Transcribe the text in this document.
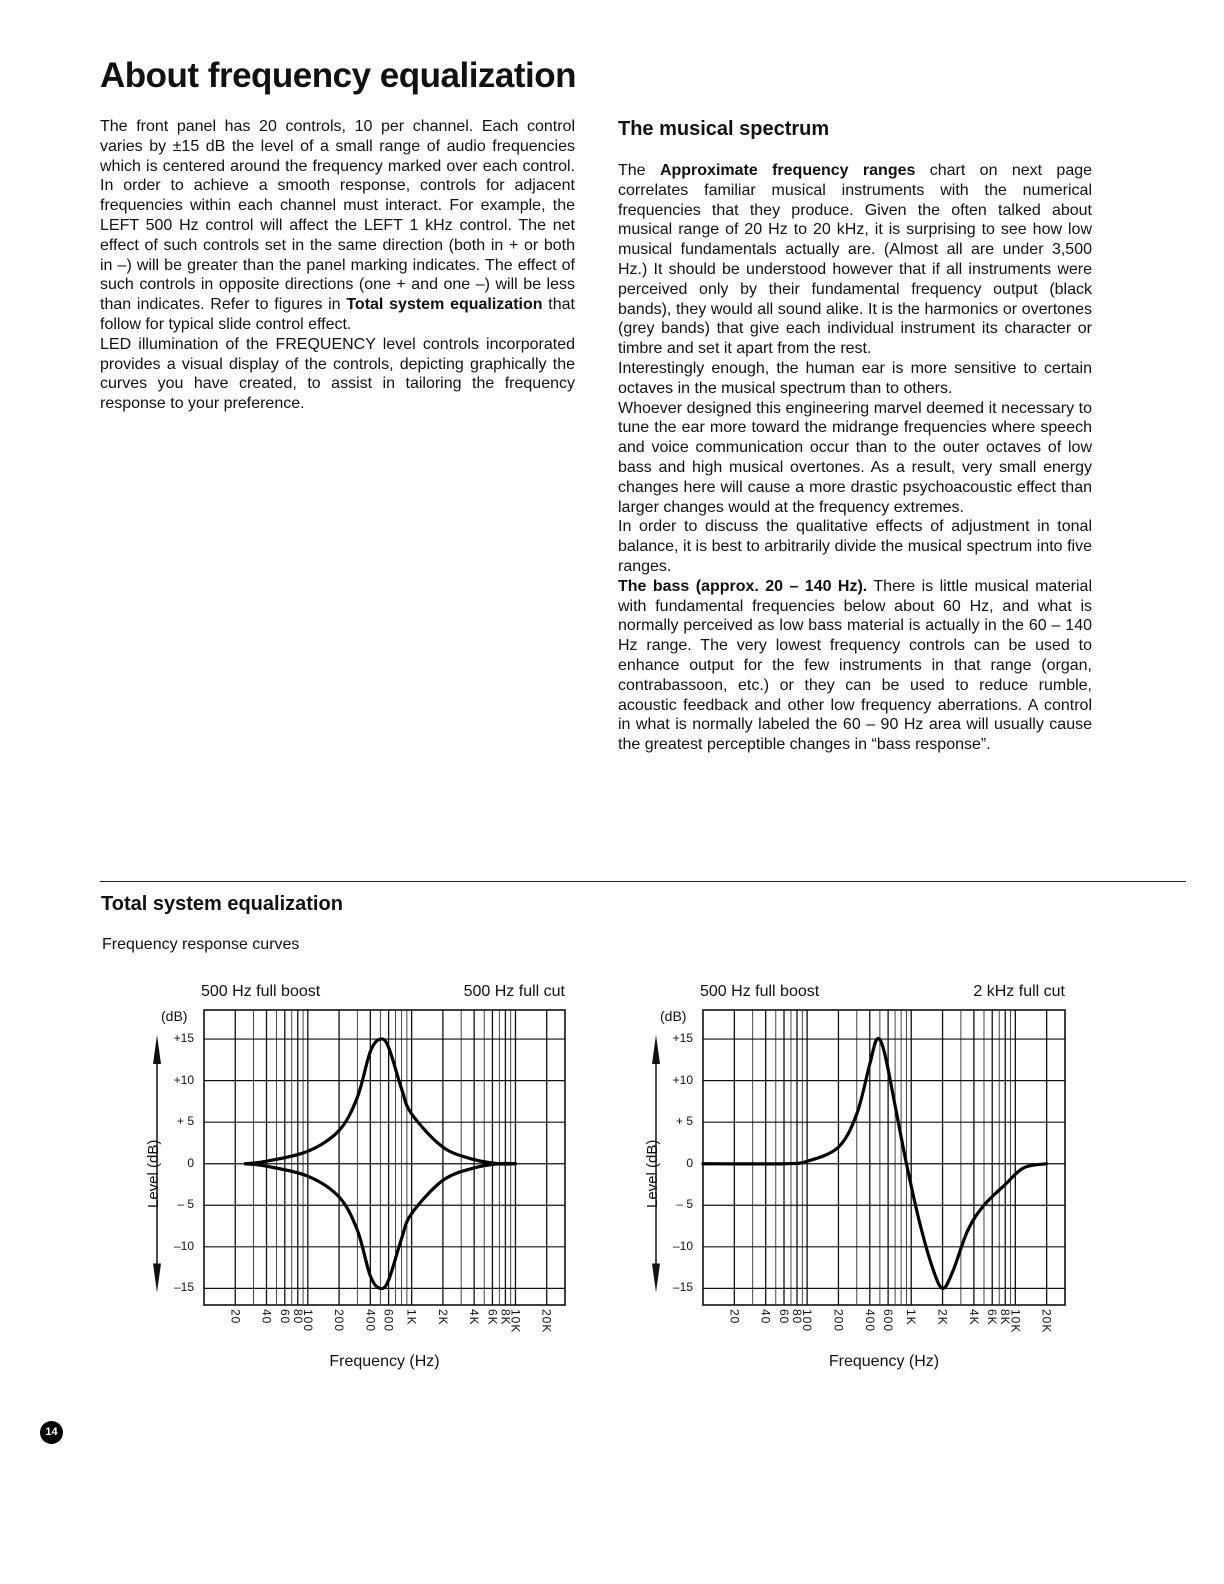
About frequency equalization

The front panel has 20 controls, 10 per channel. Each control varies by ±15 dB the level of a small range of audio frequencies which is centered around the frequency marked over each control. In order to achieve a smooth response, controls for adjacent frequencies within each channel must interact. For example, the LEFT 500 Hz control will affect the LEFT 1 kHz control. The net effect of such controls set in the same direction (both in + or both in –) will be greater than the panel marking indicates. The effect of such controls in opposite directions (one + and one –) will be less than indicates. Refer to figures in Total system equalization that follow for typical slide control effect.

LED illumination of the FREQUENCY level controls incorporated provides a visual display of the controls, depicting graphically the curves you have created, to assist in tailoring the frequency response to your preference.

The musical spectrum

The Approximate frequency ranges chart on next page correlates familiar musical instruments with the numerical frequencies that they produce. Given the often talked about musical range of 20 Hz to 20 kHz, it is surprising to see how low musical fundamentals actually are. (Almost all are under 3,500 Hz.) It should be understood however that if all instruments were perceived only by their fundamental frequency output (black bands), they would all sound alike. It is the harmonics or overtones (grey bands) that give each individual instrument its character or timbre and set it apart from the rest.

Interestingly enough, the human ear is more sensitive to certain octaves in the musical spectrum than to others.

Whoever designed this engineering marvel deemed it necessary to tune the ear more toward the midrange frequencies where speech and voice communication occur than to the outer octaves of low bass and high musical overtones. As a result, very small energy changes here will cause a more drastic psychoacoustic effect than larger changes would at the frequency extremes.

In order to discuss the qualitative effects of adjustment in tonal balance, it is best to arbitrarily divide the musical spectrum into five ranges.

The bass (approx. 20 – 140 Hz). There is little musical material with fundamental frequencies below about 60 Hz, and what is normally perceived as low bass material is actually in the 60 – 140 Hz range. The very lowest frequency controls can be used to enhance output for the few instruments in that range (organ, contrabassoon, etc.) or they can be used to reduce rumble, acoustic feedback and other low frequency aberrations. A control in what is normally labeled the 60 – 90 Hz area will usually cause the greatest perceptible changes in “bass response”.

Total system equalization
Frequency response curves
500 Hz full boost	500 Hz full cut
(dB)
Frequency (Hz)
Level (dB)
20 40 60
80
100 200 400 600 1K 2K 4K 6K
8K
10K 20K
+15
+10
+ 5
0
– 5
–10
–15
500 Hz full boost	2 kHz full cut
(dB)
Frequency (Hz)
Level (dB)
20 40 60 80
100 200 400 600 1K 2K 4K 6K 8K
10K 20K
+15
+10
+ 5
0
– 5
–10
–15
14
